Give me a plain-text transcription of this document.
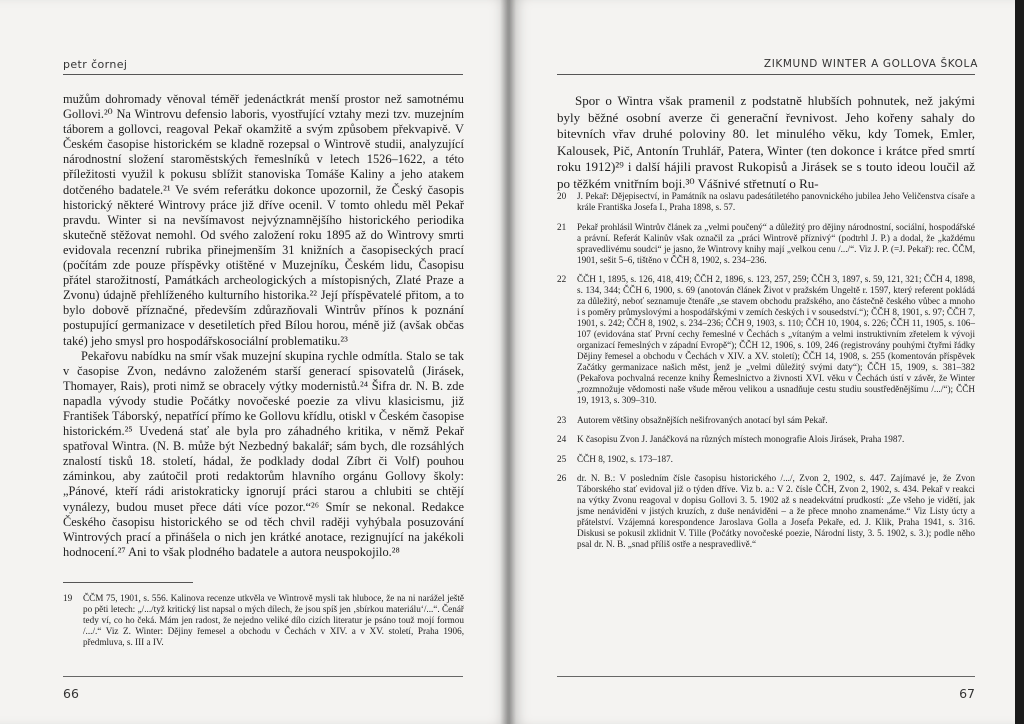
petr čornej

mužům dohromady věnoval téměř jedenáctkrát menší prostor než samotnému Gollovi.²⁰ Na Wintrovu defensio laboris, vyostřující vztahy mezi tzv. muzejním táborem a gollovci, reagoval Pekař okamžitě a svým způsobem překvapivě. V Českém časopise historickém se kladně rozepsal o Wintrově studii, analyzující národnostní složení staroměstských řemeslníků v letech 1526–1622, a této příležitosti využil k pokusu sblížit stanoviska Tomáše Kaliny a jeho atakem dotčeného badatele.²¹ Ve svém referátku dokonce upozornil, že Český časopis historický některé Wintrovy práce již dříve ocenil. V tomto ohledu měl Pekař pravdu. Winter si na nevšímavost nejvýznamnějšího historického periodika skutečně stěžovat nemohl. Od svého založení roku 1895 až do Wintrovy smrti evidovala recenzní rubrika přinejmenším 31 knižních a časopiseckých prací (počítám zde pouze příspěvky otištěné v Muzejníku, Českém lidu, Časopisu přátel starožitností, Památkách archeologických a místopisných, Zlaté Praze a Zvonu) údajně přehlíženého kulturního historika.²² Její příspěvatelé přitom, a to bylo dobově příznačné, především zdůrazňovali Wintrův přínos k poznání postupující germanizace v desetiletích před Bílou horou, méně již (avšak občas také) jeho smysl pro hospodářskosociální problematiku.²³

Pekařovu nabídku na smír však muzejní skupina rychle odmítla. Stalo se tak v časopise Zvon, nedávno založeném starší generací spisovatelů (Jirásek, Thomayer, Rais), proti nimž se obracely výtky modernistů.²⁴ Šifra dr. N. B. zde napadla vývody studie Počátky novočeské poezie za vlivu klasicismu, již František Táborský, nepatřící přímo ke Gollovu křídlu, otiskl v Českém časopise historickém.²⁵ Uvedená stať ale byla pro záhadného kritika, v němž Pekař spatřoval Wintra. (N. B. může být Nezbedný bakalář; sám bych, dle rozsáhlých znalostí tisků 18. století, hádal, že podklady dodal Zíbrt či Volf) pouhou záminkou, aby zaútočil proti redaktorům hlavního orgánu Gollovy školy: „Pánové, kteří rádi aristokraticky ignorují práci starou a chlubiti se chtějí vynálezy, budou muset přece dáti více pozor.“²⁶ Smír se nekonal. Redakce Českého časopisu historického se od těch chvil raději vyhýbala posuzování Wintrových prací a přinášela o nich jen krátké anotace, rezignující na jakékoli hodnocení.²⁷ Ani to však plodného badatele a autora neuspokojilo.²⁸

19	ČČM 75, 1901, s. 556. Kalinova recenze utkvěla ve Wintrově mysli tak hluboce, že na ni narážel ještě po pěti letech: „/.../tyž kritický list napsal o mých dílech, že jsou spíš jen ‚sbírkou materiálu‘/...“. Čenář tedy ví, co ho čeká. Mám jen radost, že nejedno veliké dílo cizích literatur je psáno touž mojí formou /.../.“ Viz Z. Winter: Dějiny řemesel a obchodu v Čechách v XIV. a v XV. století, Praha 1906, předmluva, s. III a IV.
66
ZIKMUND WINTER A GOLLOVA ŠKOLA

Spor o Wintra však pramenil z podstatně hlubších pohnutek, než jakými byly běžné osobní averze či generační řevnivost. Jeho kořeny sahaly do bitevních vřav druhé poloviny 80. let minulého věku, kdy Tomek, Emler, Kalousek, Pič, Antonín Truhlář, Patera, Winter (ten dokonce i krátce před smrtí roku 1912)²⁹ i další hájili pravost Rukopisů a Jirásek se s touto ideou loučil až po těžkém vnitřním boji.³⁰ Vášnivé střetnutí o Ru-

20	J. Pekař: Dějepisectví, in Památník na oslavu padesátiletého panovnického jubilea Jeho Veličenstva císaře a krále Františka Josefa I., Praha 1898, s. 57.
21	Pekař prohlásil Wintrův článek za „velmi poučený“ a důležitý pro dějiny národnostní, sociální, hospodářské a právní. Referát Kalinův však označil za „práci Wintrově příznivý“ (podtrhl J. P.) a dodal, že „každému spravedlivému soudci“ je jasno, že Wintrovy knihy mají „velkou cenu /.../“. Viz J. P. (=J. Pekař): rec. ČČM, 1901, sešit 5–6, tištěno v ČČH 8, 1902, s. 234–236.
22	ČČH 1, 1895, s. 126, 418, 419; ČČH 2, 1896, s. 123, 257, 259; ČČH 3, 1897, s. 59, 121, 321; ČČH 4, 1898, s. 134, 344; ČČH 6, 1900, s. 69 (anotován článek Život v pražském Ungeltě r. 1597, který referent pokládá za důležitý, neboť seznamuje čtenáře „se stavem obchodu pražského, ano částečně českého vůbec a mnoho i s poměry průmyslovými a hospodářskými v zemích českých i v sousedství.“); ČČH 8, 1901, s. 97; ČČH 7, 1901, s. 242; ČČH 8, 1902, s. 234–236; ČČH 9, 1903, s. 110; ČČH 10, 1904, s. 226; ČČH 11, 1905, s. 106–107 (evidována stať První cechy řemeslné v Čechách s „vítaným a velmi instruktivním zřetelem k vývoji organizací řemeslných v západní Evropě“); ČČH 12, 1906, s. 109, 246 (registrovány pouhými čtyřmi řádky Dějiny řemesel a obchodu v Čechách v XIV. a XV. století); ČČH 14, 1908, s. 255 (komentován příspěvek Začátky germanizace našich měst, jenž je „velmi důležitý svými daty“); ČČH 15, 1909, s. 381–382 (Pekařova pochvalná recenze knihy Řemeslnictvo a živnosti XVI. věku v Čechách ústí v závěr, že Winter „rozmnožuje vědomosti naše všude měrou velikou a usnadňuje cestu studiu soustředěnějšímu /.../“); ČČH 19, 1913, s. 309–310.
23	Autorem většiny obsažnějších nešifrovaných anotací byl sám Pekař.
24	K časopisu Zvon J. Janáčková na různých místech monografie Alois Jirásek, Praha 1987.
25	ČČH 8, 1902, s. 173–187.
26	dr. N. B.: V posledním čísle časopisu historického /.../, Zvon 2, 1902, s. 447. Zajímavé je, že Zvon Táborského stať evidoval již o týden dříve. Viz b. a.: V 2. čísle ČČH, Zvon 2, 1902, s. 434. Pekař v reakci na výtky Zvonu reagoval v dopisu Gollovi 3. 5. 1902 až s neadekvátní prudkostí: „Ze všeho je vidětí, jak jsme nenáviděni v jistých kruzích, z duše nenáviděni – a že přece mnoho znamenáme.“ Viz Listy úcty a přátelství. Vzájemná korespondence Jaroslava Golla a Josefa Pekaře, ed. J. Klik, Praha 1941, s. 316. Diskusi se pokusil zklidnit V. Tille (Počátky novočeské poezie, Národní listy, 3. 5. 1902, s. 3.); podle něho psal dr. N. B. „snad příliš ostře a nespravedlivě.“
67
